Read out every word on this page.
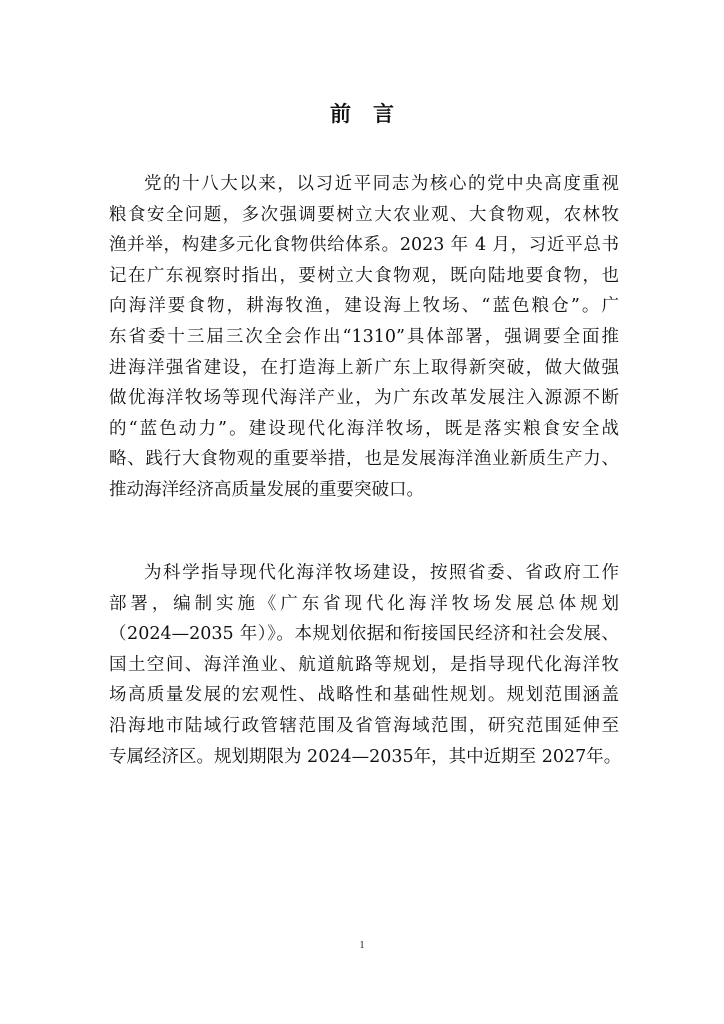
前 言
党的十八大以来，以习近平同志为核心的党中央高度重视
粮食安全问题，多次强调要树立大农业观、大食物观，农林牧
渔并举，构建多元化食物供给体系。2023 年 4 月，习近平总书
记在广东视察时指出，要树立大食物观，既向陆地要食物，也
向海洋要食物，耕海牧渔，建设海上牧场、“蓝色粮仓”。广
东省委十三届三次全会作出“1310”具体部署，强调要全面推
进海洋强省建设，在打造海上新广东上取得新突破，做大做强
做优海洋牧场等现代海洋产业，为广东改革发展注入源源不断
的“蓝色动力”。建设现代化海洋牧场，既是落实粮食安全战
略、践行大食物观的重要举措，也是发展海洋渔业新质生产力、
推动海洋经济高质量发展的重要突破口。
为科学指导现代化海洋牧场建设，按照省委、省政府工作
部署，编制实施《广东省现代化海洋牧场发展总体规划
（2024—2035 年）》。本规划依据和衔接国民经济和社会发展、
国土空间、海洋渔业、航道航路等规划，是指导现代化海洋牧
场高质量发展的宏观性、战略性和基础性规划。规划范围涵盖
沿海地市陆域行政管辖范围及省管海域范围，研究范围延伸至
专属经济区。规划期限为 2024—2035年，其中近期至 2027年。
1
